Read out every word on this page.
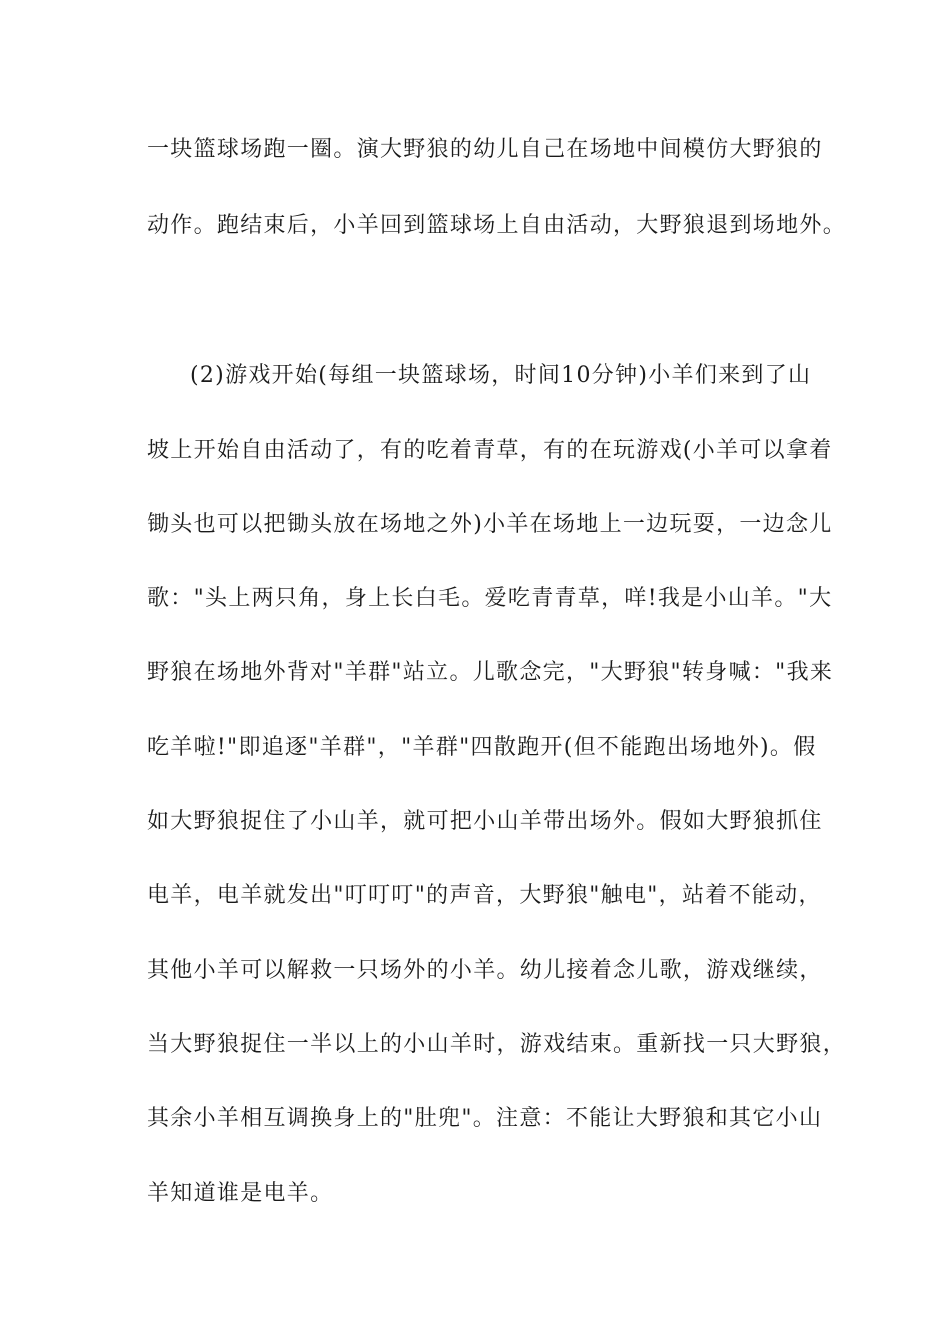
一块篮球场跑一圈。演大野狼的幼儿自己在场地中间模仿大野狼的
动作。跑结束后，小羊回到篮球场上自由活动，大野狼退到场地外。
(2)游戏开始(每组一块篮球场，时间10分钟)小羊们来到了山
坡上开始自由活动了，有的吃着青草，有的在玩游戏(小羊可以拿着
锄头也可以把锄头放在场地之外)小羊在场地上一边玩耍，一边念儿
歌："头上两只角，身上长白毛。爱吃青青草，咩!我是小山羊。"大
野狼在场地外背对"羊群"站立。儿歌念完，"大野狼"转身喊："我来
吃羊啦!"即追逐"羊群"，"羊群"四散跑开(但不能跑出场地外)。假
如大野狼捉住了小山羊，就可把小山羊带出场外。假如大野狼抓住
电羊，电羊就发出"叮叮叮"的声音，大野狼"触电"，站着不能动，
其他小羊可以解救一只场外的小羊。幼儿接着念儿歌，游戏继续，
当大野狼捉住一半以上的小山羊时，游戏结束。重新找一只大野狼，
其余小羊相互调换身上的"肚兜"。注意：不能让大野狼和其它小山
羊知道谁是电羊。
